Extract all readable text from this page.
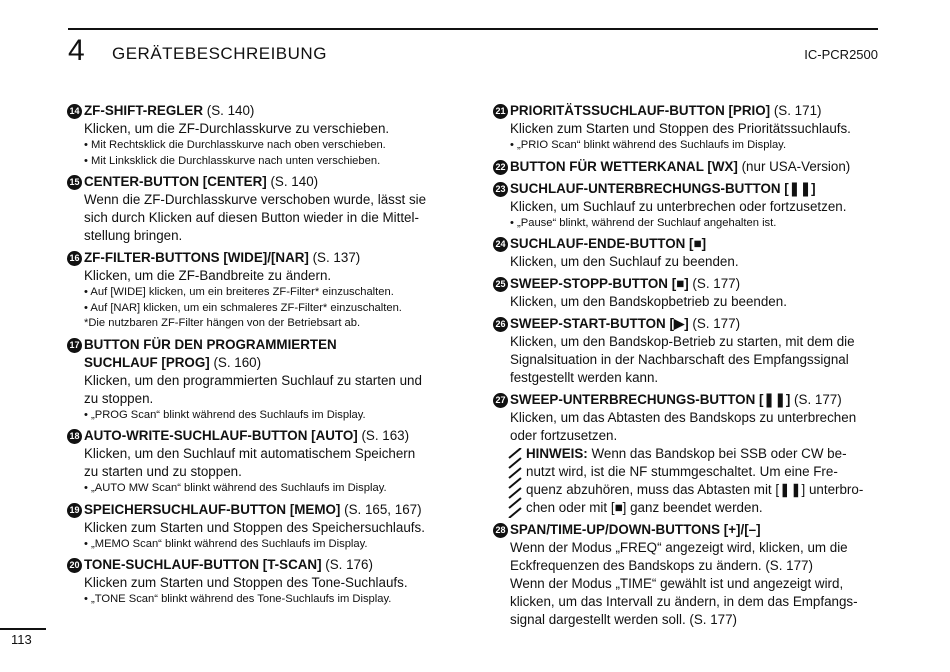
4 GERÄTEBESCHREIBUNG	IC-PCR2500
14 ZF-SHIFT-REGLER (S. 140)
Klicken, um die ZF-Durchlasskurve zu verschieben.
• Mit Rechtsklick die Durchlasskurve nach oben verschieben.
• Mit Linksklick die Durchlasskurve nach unten verschieben.
15 CENTER-BUTTON [CENTER] (S. 140)
Wenn die ZF-Durchlasskurve verschoben wurde, lässt sie
sich durch Klicken auf diesen Button wieder in die Mittel-
stellung bringen.
16 ZF-FILTER-BUTTONS [WIDE]/[NAR] (S. 137)
Klicken, um die ZF-Bandbreite zu ändern.
• Auf [WIDE] klicken, um ein breiteres ZF-Filter* einzuschalten.
• Auf [NAR] klicken, um ein schmaleres ZF-Filter* einzuschalten.
*Die nutzbaren ZF-Filter hängen von der Betriebsart ab.
17 BUTTON FÜR DEN PROGRAMMIERTEN
SUCHLAUF [PROG] (S. 160)
Klicken, um den programmierten Suchlauf zu starten und
zu stoppen.
• „PROG Scan“ blinkt während des Suchlaufs im Display.
18 AUTO-WRITE-SUCHLAUF-BUTTON [AUTO] (S. 163)
Klicken, um den Suchlauf mit automatischem Speichern
zu starten und zu stoppen.
• „AUTO MW Scan“ blinkt während des Suchlaufs im Display.
19 SPEICHERSUCHLAUF-BUTTON [MEMO] (S. 165, 167)
Klicken zum Starten und Stoppen des Speichersuchlaufs.
• „MEMO Scan“ blinkt während des Suchlaufs im Display.
20 TONE-SUCHLAUF-BUTTON [T-SCAN] (S. 176)
Klicken zum Starten und Stoppen des Tone-Suchlaufs.
• „TONE Scan“ blinkt während des Tone-Suchlaufs im Display.
21 PRIORITÄTSSUCHLAUF-BUTTON [PRIO] (S. 171)
Klicken zum Starten und Stoppen des Prioritätssuchlaufs.
• „PRIO Scan“ blinkt während des Suchlaufs im Display.
22 BUTTON FÜR WETTERKANAL [WX] (nur USA-Version)
23 SUCHLAUF-UNTERBRECHUNGS-BUTTON [❚❚]
Klicken, um Suchlauf zu unterbrechen oder fortzusetzen.
• „Pause“ blinkt, während der Suchlauf angehalten ist.
24 SUCHLAUF-ENDE-BUTTON [■]
Klicken, um den Suchlauf zu beenden.
25 SWEEP-STOPP-BUTTON [■] (S. 177)
Klicken, um den Bandskopbetrieb zu beenden.
26 SWEEP-START-BUTTON [▶] (S. 177)
Klicken, um den Bandskop-Betrieb zu starten, mit dem die
Signalsituation in der Nachbarschaft des Empfangssignal
festgestellt werden kann.
27 SWEEP-UNTERBRECHUNGS-BUTTON [❚❚] (S. 177)
Klicken, um das Abtasten des Bandskops zu unterbrechen
oder fortzusetzen.
HINWEIS: Wenn das Bandskop bei SSB oder CW be-
nutzt wird, ist die NF stummgeschaltet. Um eine Fre-
quenz abzuhören, muss das Abtasten mit [❚❚] unterbro-
chen oder mit [■] ganz beendet werden.
28 SPAN/TIME-UP/DOWN-BUTTONS [+]/[–]
Wenn der Modus „FREQ“ angezeigt wird, klicken, um die
Eckfrequenzen des Bandskops zu ändern. (S. 177)
Wenn der Modus „TIME“ gewählt ist und angezeigt wird,
klicken, um das Intervall zu ändern, in dem das Empfangs-
signal dargestellt werden soll. (S. 177)
113
